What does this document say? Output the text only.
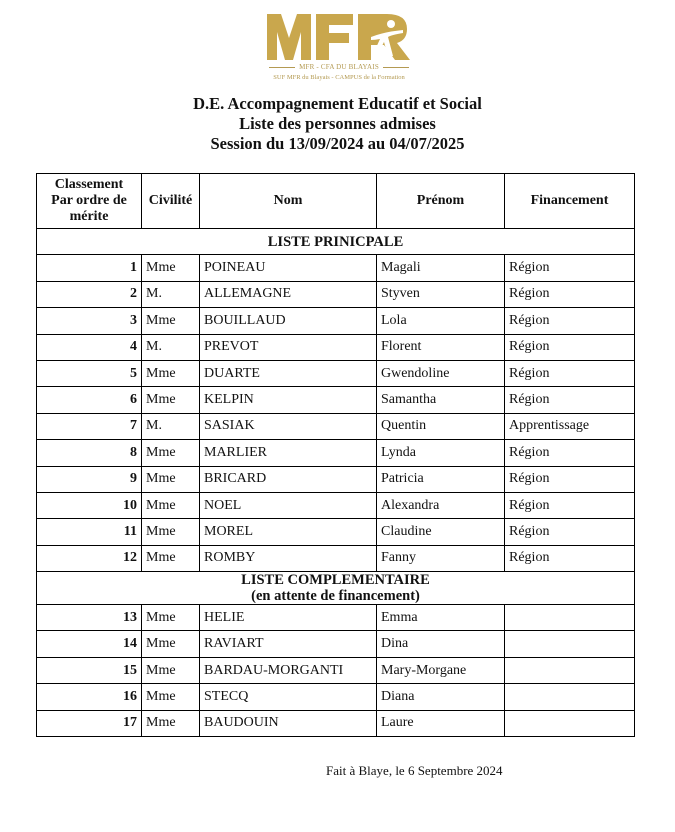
MFR - CFA DU BLAYAIS
SUF MFR du Blayais - CAMPUS de la Formation
D.E. Accompagnement Educatif et Social
Liste des personnes admises
Session du 13/09/2024 au 04/07/2025
Classement
Par ordre de
mérite	Civilité	Nom	Prénom	Financement
LISTE PRINICPALE				
1	Mme	POINEAU	Magali	Région
2	M.	ALLEMAGNE	Styven	Région
3	Mme	BOUILLAUD	Lola	Région
4	M.	PREVOT	Florent	Région
5	Mme	DUARTE	Gwendoline	Région
6	Mme	KELPIN	Samantha	Région
7	M.	SASIAK	Quentin	Apprentissage
8	Mme	MARLIER	Lynda	Région
9	Mme	BRICARD	Patricia	Région
10	Mme	NOEL	Alexandra	Région
11	Mme	MOREL	Claudine	Région
12	Mme	ROMBY	Fanny	Région

LISTE COMPLEMENTAIRE
(en attente de financement)				

13	Mme	HELIE	Emma	
14	Mme	RAVIART	Dina	
15	Mme	BARDAU-MORGANTI	Mary-Morgane	
16	Mme	STECQ	Diana	
17	Mme	BAUDOUIN	Laure	
Fait à Blaye, le 6 Septembre 2024
